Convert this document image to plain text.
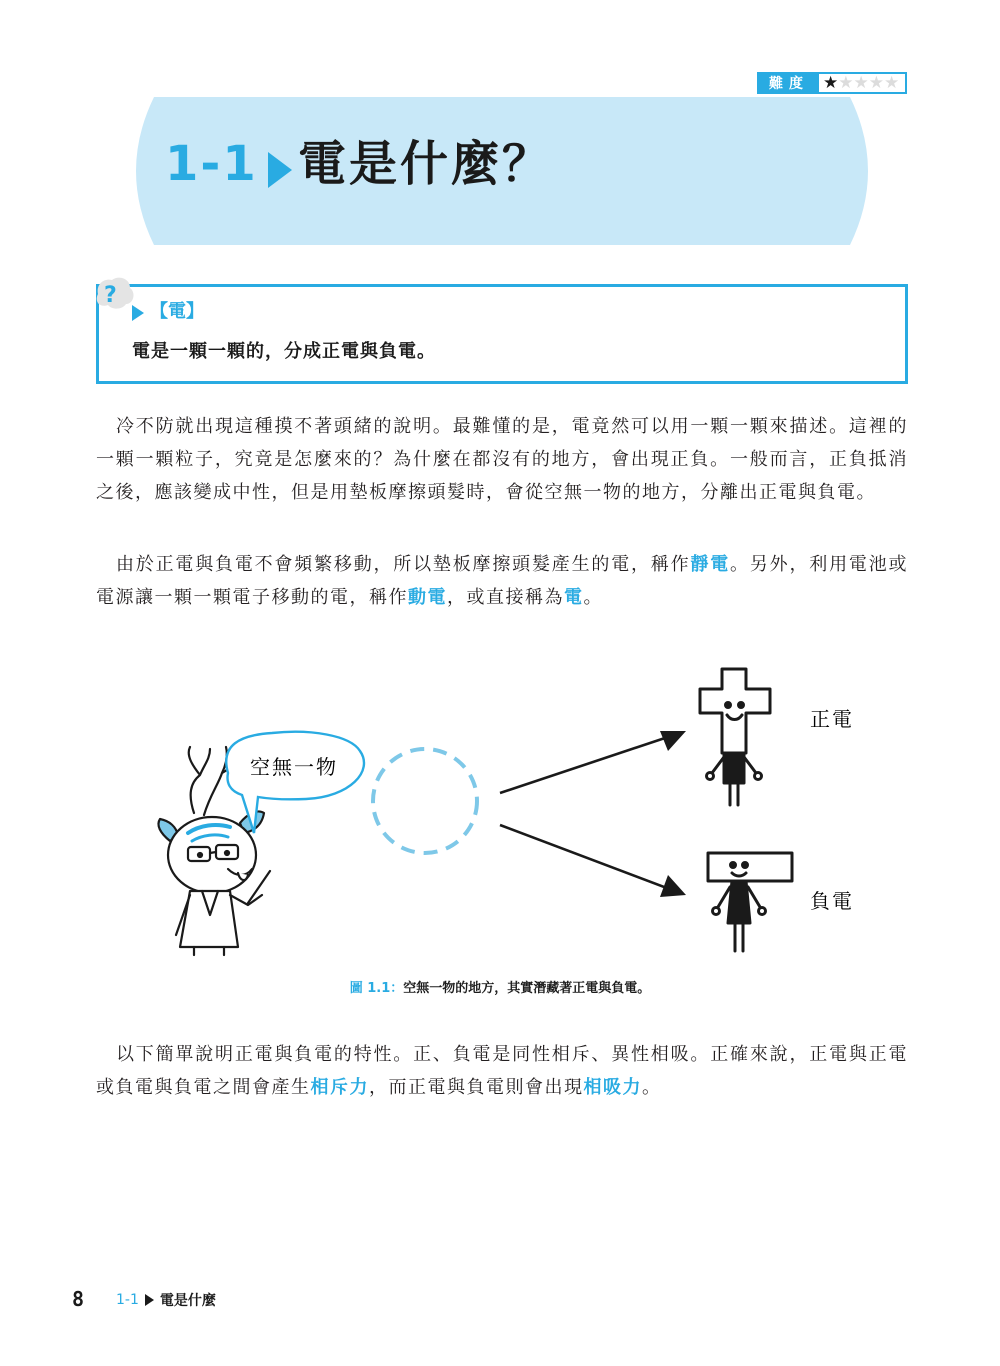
難度 ★ ★ ★ ★ ★
1-1 電是什麼？
?
【電】
電是一顆一顆的，分成正電與負電。

冷不防就出現這種摸不著頭緒的說明。最難懂的是，電竟然可以用一顆一顆來描述。這裡的一顆一顆粒子，究竟是怎麼來的？為什麼在都沒有的地方，會出現正負。一般而言，正負抵消之後，應該變成中性，但是用墊板摩擦頭髮時，會從空無一物的地方，分離出正電與負電。

由於正電與負電不會頻繁移動，所以墊板摩擦頭髮產生的電，稱作靜電。另外，利用電池或電源讓一顆一顆電子移動的電，稱作動電，或直接稱為電。

空無一物
正電
負電
圖 1.1：空無一物的地方，其實潛藏著正電與負電。

以下簡單說明正電與負電的特性。正、負電是同性相斥、異性相吸。正確來說，正電與正電或負電與負電之間會產生相斥力，而正電與負電則會出現相吸力。

8 1-1 電是什麼
